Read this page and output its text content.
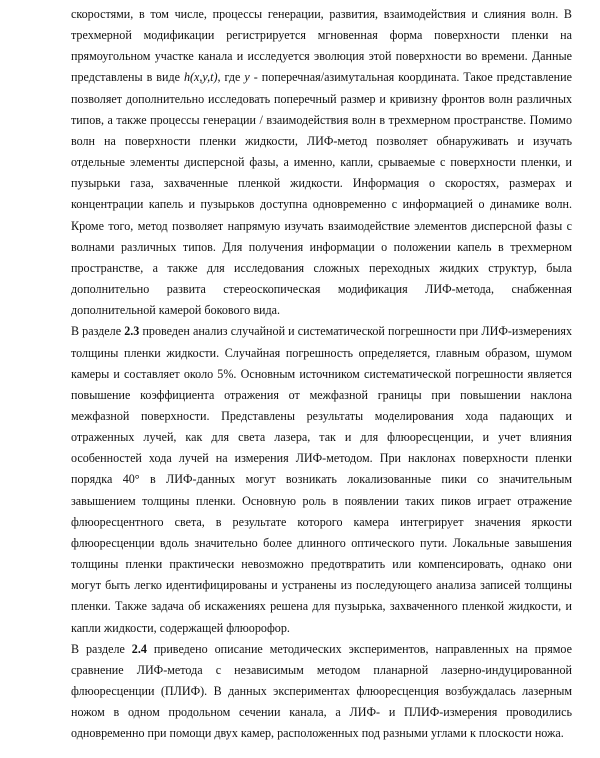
скоростями, в том числе, процессы генерации, развития, взаимодействия и слияния волн. В трехмерной модификации регистрируется мгновенная форма поверхности пленки на прямоугольном участке канала и исследуется эволюция этой поверхности во времени. Данные представлены в виде h(x,y,t), где y - поперечная/азимутальная координата. Такое представление позволяет дополнительно исследовать поперечный размер и кривизну фронтов волн различных типов, а также процессы генерации / взаимодействия волн в трехмерном пространстве. Помимо волн на поверхности пленки жидкости, ЛИФ-метод позволяет обнаруживать и изучать отдельные элементы дисперсной фазы, а именно, капли, срываемые с поверхности пленки, и пузырьки газа, захваченные пленкой жидкости. Информация о скоростях, размерах и концентрации капель и пузырьков доступна одновременно с информацией о динамике волн. Кроме того, метод позволяет напрямую изучать взаимодействие элементов дисперсной фазы с волнами различных типов. Для получения информации о положении капель в трехмерном пространстве, а также для исследования сложных переходных жидких структур, была дополнительно развита стереоскопическая модификация ЛИФ-метода, снабженная дополнительной камерой бокового вида.

В разделе 2.3 проведен анализ случайной и систематической погрешности при ЛИФ-измерениях толщины пленки жидкости. Случайная погрешность определяется, главным образом, шумом камеры и составляет около 5%. Основным источником систематической погрешности является повышение коэффициента отражения от межфазной границы при повышении наклона межфазной поверхности. Представлены результаты моделирования хода падающих и отраженных лучей, как для света лазера, так и для флюоресценции, и учет влияния особенностей хода лучей на измерения ЛИФ-методом. При наклонах поверхности пленки порядка 40° в ЛИФ-данных могут возникать локализованные пики со значительным завышением толщины пленки. Основную роль в появлении таких пиков играет отражение флюоресцентного света, в результате которого камера интегрирует значения яркости флюоресценции вдоль значительно более длинного оптического пути. Локальные завышения толщины пленки практически невозможно предотвратить или компенсировать, однако они могут быть легко идентифицированы и устранены из последующего анализа записей толщины пленки. Также задача об искажениях решена для пузырька, захваченного пленкой жидкости, и капли жидкости, содержащей флюорофор.

В разделе 2.4 приведено описание методических экспериментов, направленных на прямое сравнение ЛИФ-метода с независимым методом планарной лазерно-индуцированной флюоресценции (ПЛИФ). В данных экспериментах флюоресценция возбуждалась лазерным ножом в одном продольном сечении канала, а ЛИФ- и ПЛИФ-измерения проводились одновременно при помощи двух камер, расположенных под разными углами к плоскости ножа.
